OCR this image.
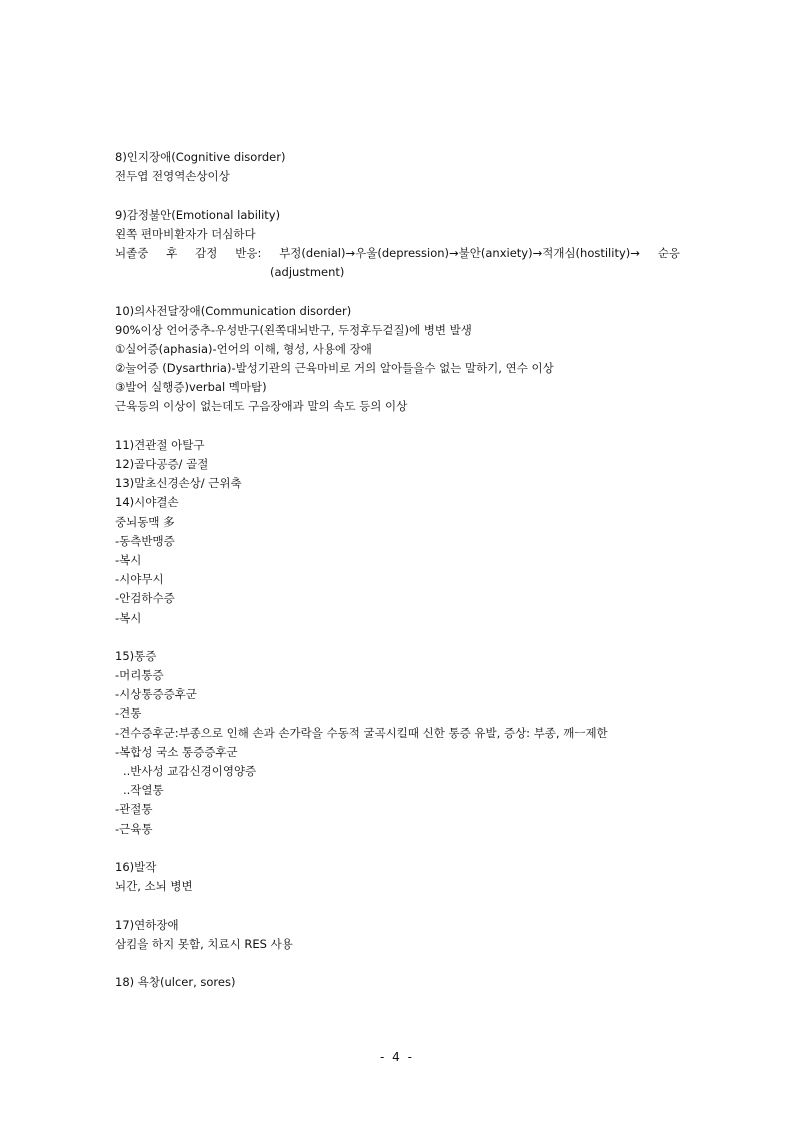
8)인지장애(Cognitive disorder)
전두엽 전영역손상이상
9)감정불안(Emotional lability)
왼쪽 편마비환자가 더심하다
뇌졸중 후 감정 반응: 부정(denial)→우울(depression)→불안(anxiety)→적개심(hostility)→ 순응
(adjustment)
10)의사전달장애(Communication disorder)
90%이상 언어중추-우성반구(왼쪽대뇌반구, 두정후두겉질)에 병변 발생
①실어증(aphasia)-언어의 이해, 형성, 사용에 장애
②눌어증 (Dysarthria)-발성기관의 근육마비로 거의 알아들을수 없는 말하기, 연수 이상
③발어 실행증)verbal 멕마탐)
근육등의 이상이 없는데도 구음장애과 말의 속도 등의 이상
11)견관절 아탈구
12)골다공증/ 골절
13)말초신경손상/ 근위축
14)시야결손
중뇌동맥 多
-동측반맹증
-복시
-시야무시
-안검하수증
-복시
15)통증
-머리통증
-시상통증증후군
-견통
-견수증후군:부종으로 인해 손과 손가락을 수동적 굴곡시킬때 신한 통증 유발, 증상: 부종, 깨ㅡ제한
-복합성 국소 통증증후군
..반사성 교감신경이영양증
..작열통
-관절통
-근육통
16)발작
뇌간, 소뇌 병변
17)연하장애
삼킴을 하지 못함, 치료시 RES 사용
18) 욕창(ulcer, sores)
- 4 -
